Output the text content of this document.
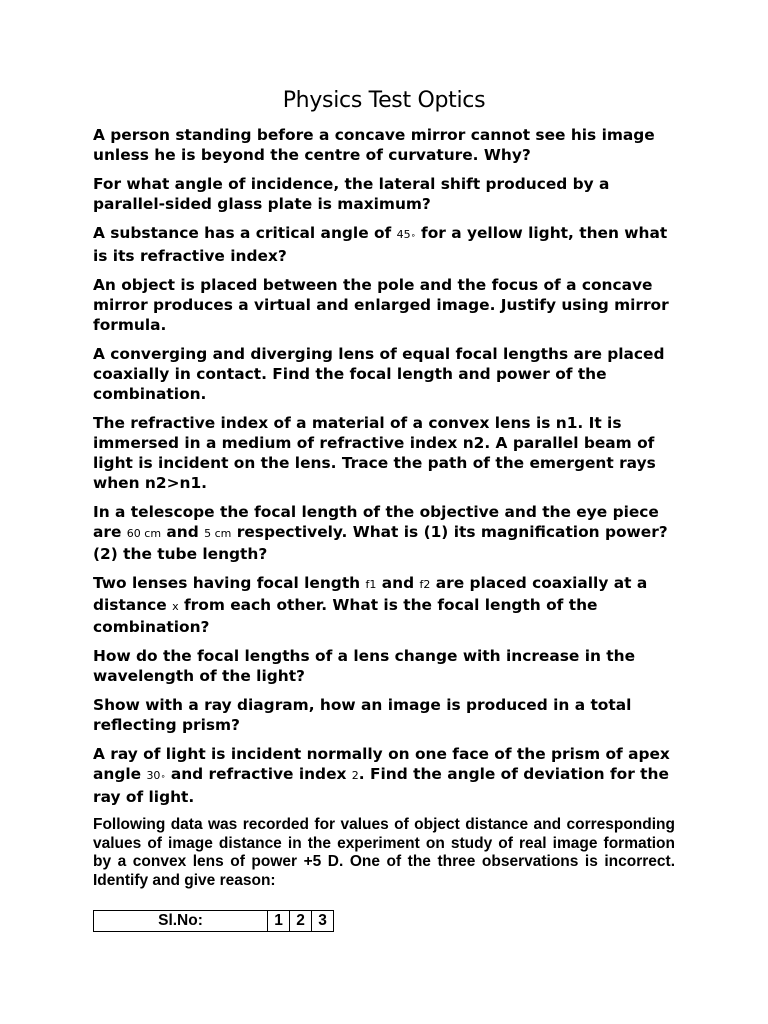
Physics Test Optics

A person standing before a concave mirror cannot see his image unless he is beyond the centre of curvature. Why?

For what angle of incidence, the lateral shift produced by a parallel-sided glass plate is maximum?

A substance has a critical angle of 45∘ for a yellow light, then what is its refractive index?

An object is placed between the pole and the focus of a concave mirror produces a virtual and enlarged image. Justify using mirror formula.

A converging and diverging lens of equal focal lengths are placed coaxially in contact. Find the focal length and power of the combination.

The refractive index of a material of a convex lens is n1. It is immersed in a medium of refractive index n2. A parallel beam of light is incident on the lens. Trace the path of the emergent rays when n2>n1.

In a telescope the focal length of the objective and the eye piece are 60 cm and 5 cm respectively. What is (1) its magnification power? (2) the tube length?

Two lenses having focal length f1 and f2 are placed coaxially at a distance x from each other. What is the focal length of the combination?

How do the focal lengths of a lens change with increase in the wavelength of the light?

Show with a ray diagram, how an image is produced in a total reflecting prism?

A ray of light is incident normally on one face of the prism of apex angle 30∘ and refractive index 2. Find the angle of deviation for the ray of light.

Following data was recorded for values of object distance and corresponding values of image distance in the experiment on study of real image formation by a convex lens of power +5 D. One of the three observations is incorrect. Identify and give reason:

Sl.No:	1	2	3
